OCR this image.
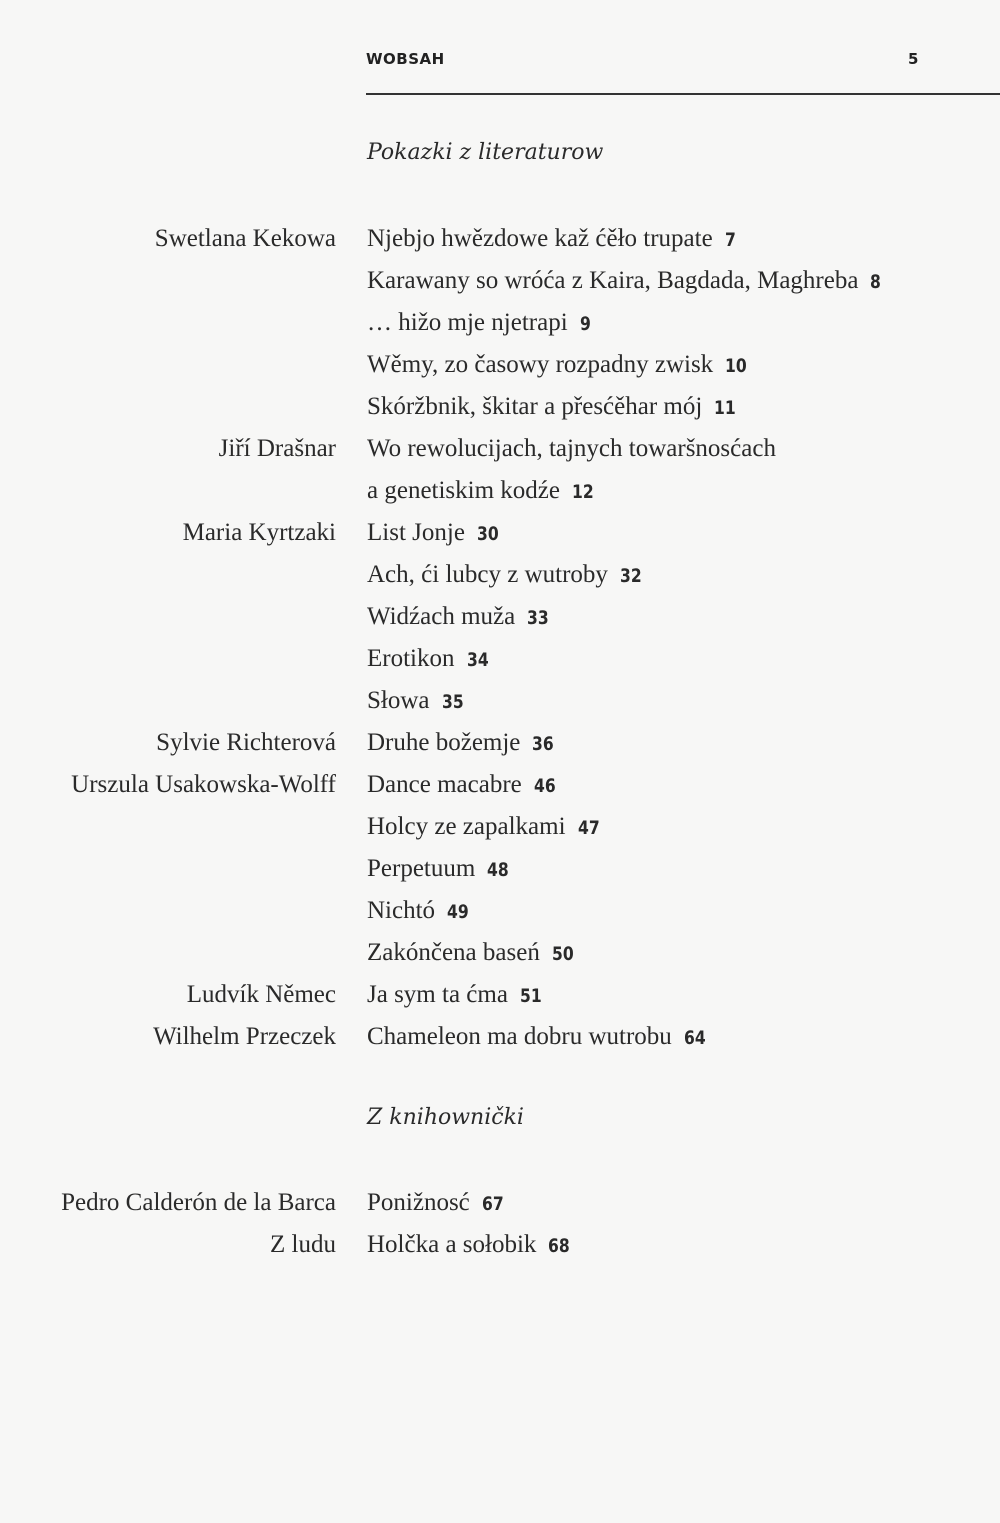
WOBSAH	5
Pokazki z literaturow
Swetlana Kekowa Njebjo hwězdowe kaž ćěło trupate 7
Karawany so wróća z Kaira, Bagdada, Maghreba 8
… hižo mje njetrapi 9
Wěmy, zo časowy rozpadny zwisk 10
Skóržbnik, škitar a přesćěhar mój 11
Jiří Drašnar Wo rewolucijach, tajnych towaršnosćach
a genetiskim kodźe 12
Maria Kyrtzaki List Jonje 30
Ach, ći lubcy z wutroby 32
Widźach muža 33
Erotikon 34
Słowa 35
Sylvie Richterová Druhe božemje 36
Urszula Usakowska-Wolff Dance macabre 46
Holcy ze zapalkami 47
Perpetuum 48
Nichtó 49
Zakónčena baseń 50
Ludvík Němec Ja sym ta ćma 51
Wilhelm Przeczek Chameleon ma dobru wutrobu 64
Z knihownički
Pedro Calderón de la Barca Ponižnosć 67
Z ludu Holčka a sołobik 68
